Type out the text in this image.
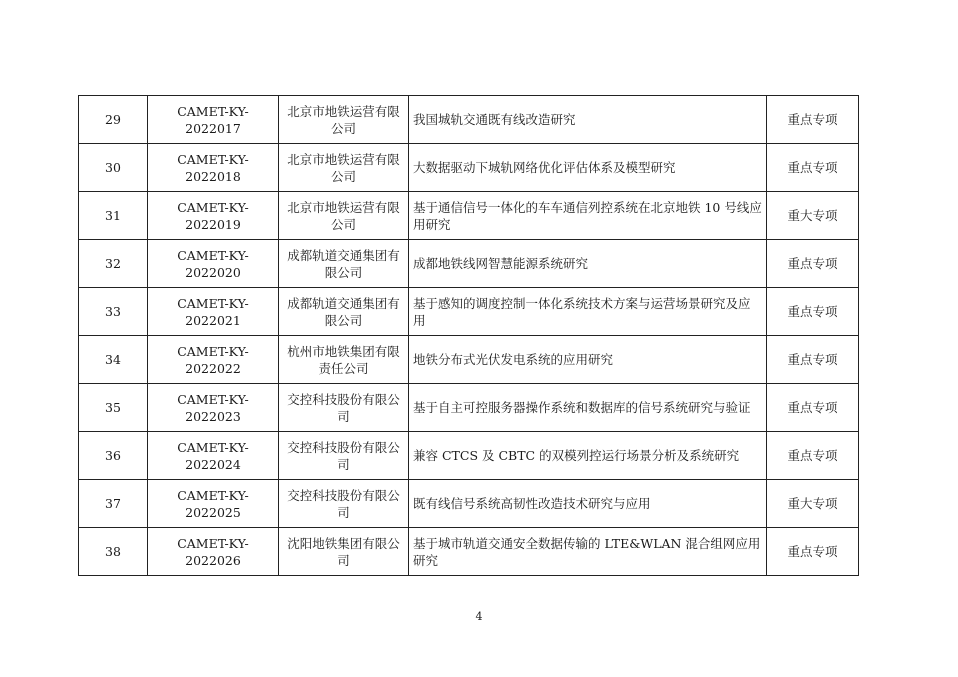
29	CAMET-KY-2022017	北京市地铁运营有限公司	我国城轨交通既有线改造研究	重点专项
30	CAMET-KY-2022018	北京市地铁运营有限公司	大数据驱动下城轨网络优化评估体系及模型研究	重点专项
31	CAMET-KY-2022019	北京市地铁运营有限公司	基于通信信号一体化的车车通信列控系统在北京地铁 10 号线应用研究	重大专项
32	CAMET-KY-2022020	成都轨道交通集团有限公司	成都地铁线网智慧能源系统研究	重点专项
33	CAMET-KY-2022021	成都轨道交通集团有限公司	基于感知的调度控制一体化系统技术方案与运营场景研究及应用	重点专项
34	CAMET-KY-2022022	杭州市地铁集团有限责任公司	地铁分布式光伏发电系统的应用研究	重点专项
35	CAMET-KY-2022023	交控科技股份有限公司	基于自主可控服务器操作系统和数据库的信号系统研究与验证	重点专项
36	CAMET-KY-2022024	交控科技股份有限公司	兼容 CTCS 及 CBTC 的双模列控运行场景分析及系统研究	重点专项
37	CAMET-KY-2022025	交控科技股份有限公司	既有线信号系统高韧性改造技术研究与应用	重大专项
38	CAMET-KY-2022026	沈阳地铁集团有限公司	基于城市轨道交通安全数据传输的 LTE&WLAN 混合组网应用研究	重点专项
4
